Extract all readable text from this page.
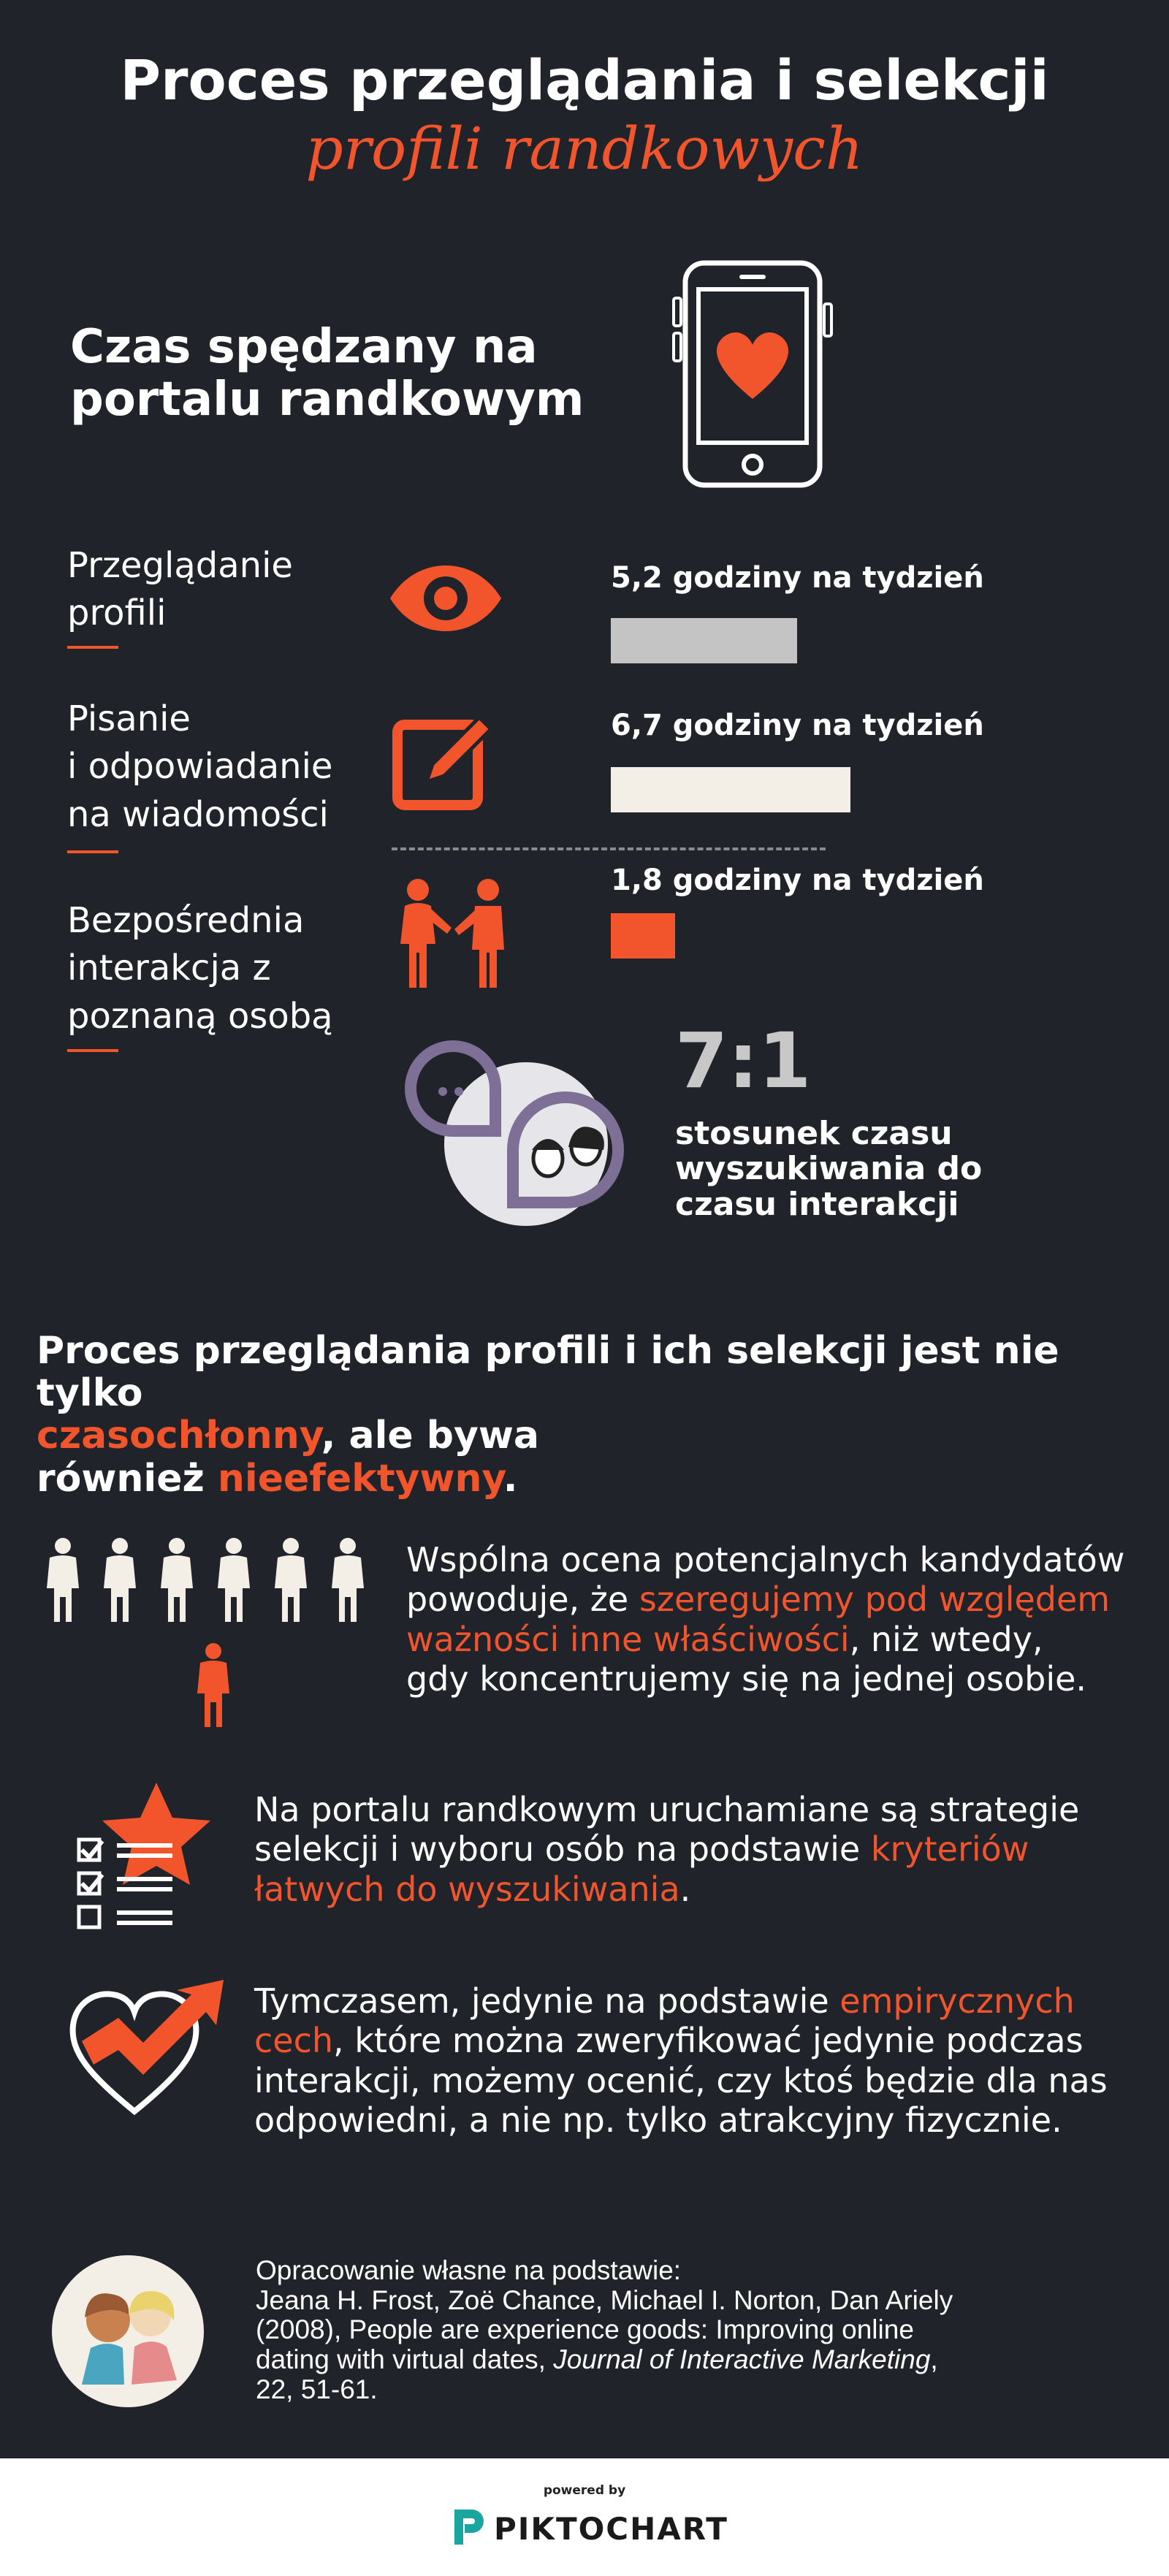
Proces przeglądania i selekcji
profili randkowych
Czas spędzany na
portalu randkowym
Przeglądanie
profili
5,2 godziny na tydzień
Pisanie
i odpowiadanie
na wiadomości
6,7 godziny na tydzień
Bezpośrednia
interakcja z
poznaną osobą
1,8 godziny na tydzień
7:1
stosunek czasu
wyszukiwania do
czasu interakcji
Proces przeglądania profili i ich selekcji jest nie tylko
czasochłonny, ale bywa
również nieefektywny.
Wspólna ocena potencjalnych kandydatów
powoduje, że szeregujemy pod względem
ważności inne właściwości, niż wtedy,
gdy koncentrujemy się na jednej osobie.
Na portalu randkowym uruchamiane są strategie
selekcji i wyboru osób na podstawie kryteriów
łatwych do wyszukiwania.
Tymczasem, jedynie na podstawie empirycznych
cech, które można zweryfikować jedynie podczas
interakcji, możemy ocenić, czy ktoś będzie dla nas
odpowiedni, a nie np. tylko atrakcyjny fizycznie.
Opracowanie własne na podstawie:
Jeana H. Frost, Zoë Chance, Michael I. Norton, Dan Ariely
(2008), People are experience goods: Improving online
dating with virtual dates, Journal of Interactive Marketing,
22, 51-61.
powered by
PIKTOCHART
